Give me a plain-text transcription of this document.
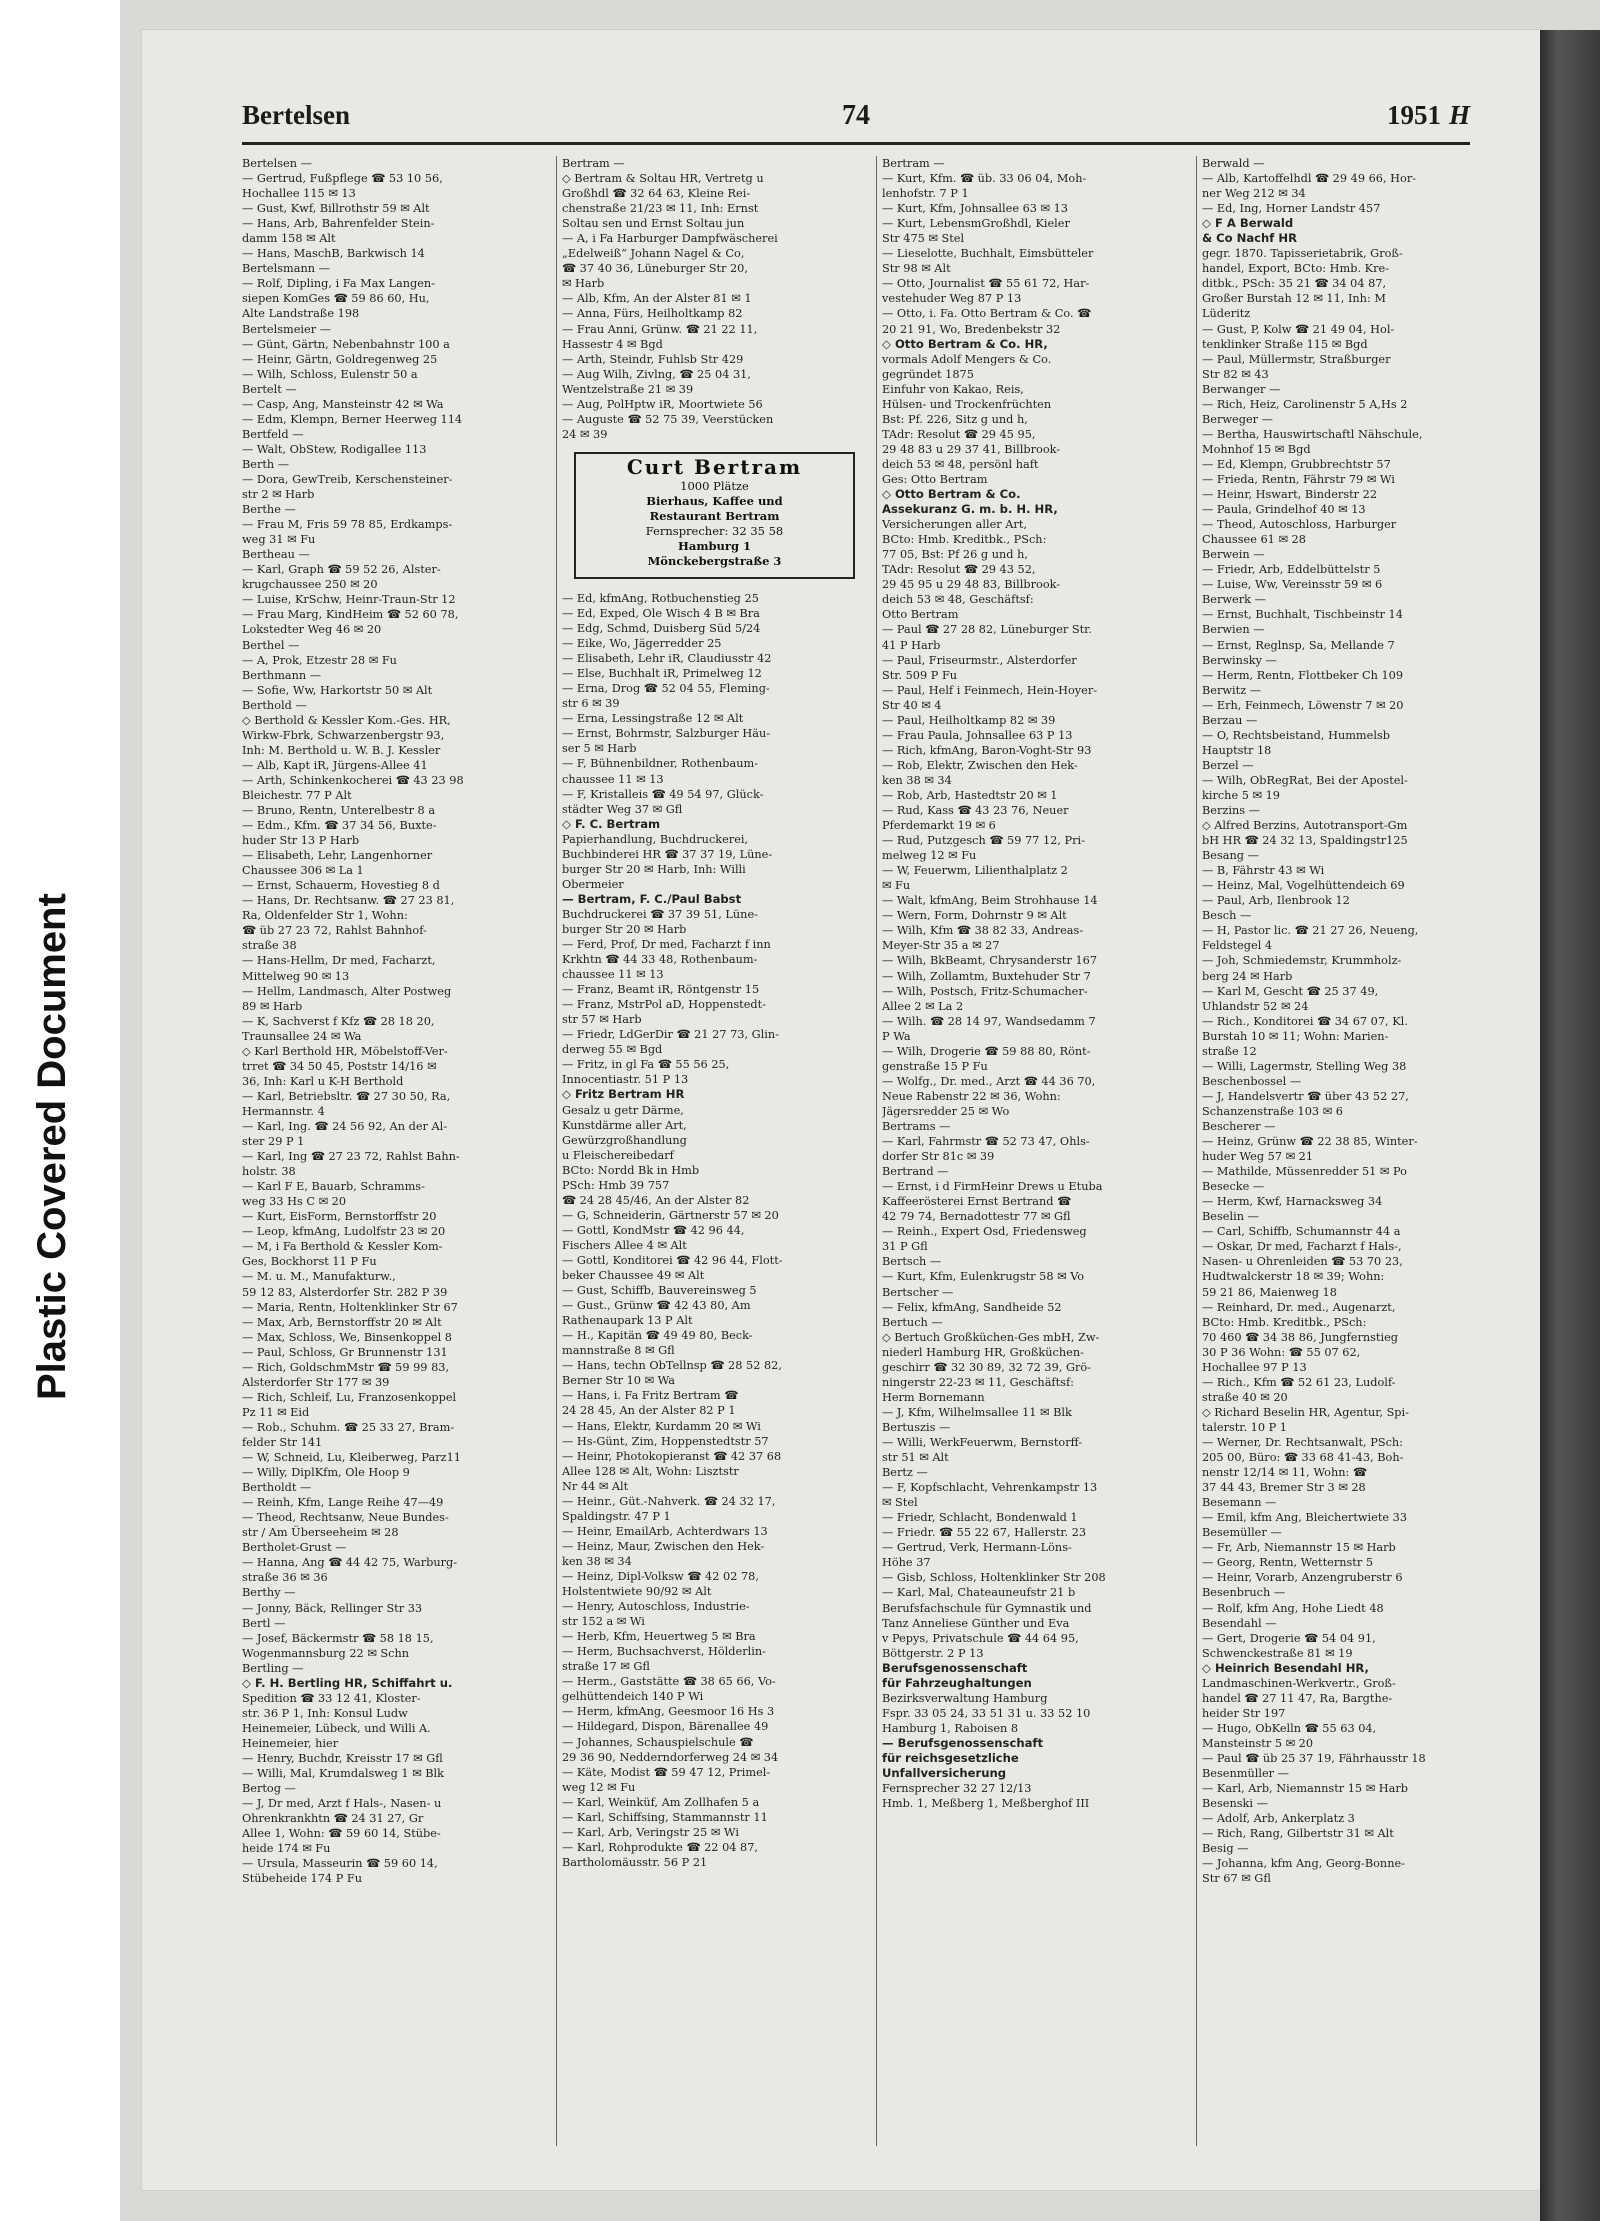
Plastic Covered Document
Bertelsen	74	1951 H
Bertelsen —
— Gertrud, Fußpflege ☎ 53 10 56,
Hochallee 115 ✉ 13
— Gust, Kwf, Billrothstr 59 ✉ Alt
— Hans, Arb, Bahrenfelder Stein-
damm 158 ✉ Alt
— Hans, MaschB, Barkwisch 14
Bertelsmann —
— Rolf, Dipling, i Fa Max Langen-
siepen KomGes ☎ 59 86 60, Hu,
Alte Landstraße 198
Bertelsmeier —
— Günt, Gärtn, Nebenbahnstr 100 a
— Heinr, Gärtn, Goldregenweg 25
— Wilh, Schloss, Eulenstr 50 a
Bertelt —
— Casp, Ang, Mansteinstr 42 ✉ Wa
— Edm, Klempn, Berner Heerweg 114
Bertfeld —
— Walt, ObStew, Rodigallee 113
Berth —
— Dora, GewTreib, Kerschensteiner-
str 2 ✉ Harb
Berthe —
— Frau M, Fris 59 78 85, Erdkamps-
weg 31 ✉ Fu
Bertheau —
— Karl, Graph ☎ 59 52 26, Alster-
krugchaussee 250 ✉ 20
— Luise, KrSchw, Heinr-Traun-Str 12
— Frau Marg, KindHeim ☎ 52 60 78,
Lokstedter Weg 46 ✉ 20
Berthel —
— A, Prok, Etzestr 28 ✉ Fu
Berthmann —
— Sofie, Ww, Harkortstr 50 ✉ Alt
Berthold —
◇ Berthold & Kessler Kom.-Ges. HR,
Wirkw-Fbrk, Schwarzenbergstr 93,
Inh: M. Berthold u. W. B. J. Kessler
— Alb, Kapt iR, Jürgens-Allee 41
— Arth, Schinkenkocherei ☎ 43 23 98
Bleichestr. 77 P Alt
— Bruno, Rentn, Unterelbestr 8 a
— Edm., Kfm. ☎ 37 34 56, Buxte-
huder Str 13 P Harb
— Elisabeth, Lehr, Langenhorner
Chaussee 306 ✉ La 1
— Ernst, Schauerm, Hovestieg 8 d
— Hans, Dr. Rechtsanw. ☎ 27 23 81,
Ra, Oldenfelder Str 1, Wohn:
☎ üb 27 23 72, Rahlst Bahnhof-
straße 38
— Hans-Hellm, Dr med, Facharzt,
Mittelweg 90 ✉ 13
— Hellm, Landmasch, Alter Postweg
89 ✉ Harb
— K, Sachverst f Kfz ☎ 28 18 20,
Traunsallee 24 ✉ Wa
◇ Karl Berthold HR, Möbelstoff-Ver-
trret ☎ 34 50 45, Poststr 14/16 ✉
36, Inh: Karl u K-H Berthold
— Karl, Betriebsltr. ☎ 27 30 50, Ra,
Hermannstr. 4
— Karl, Ing. ☎ 24 56 92, An der Al-
ster 29 P 1
— Karl, Ing ☎ 27 23 72, Rahlst Bahn-
holstr. 38
— Karl F E, Bauarb, Schramms-
weg 33 Hs C ✉ 20
— Kurt, EisForm, Bernstorffstr 20
— Leop, kfmAng, Ludolfstr 23 ✉ 20
— M, i Fa Berthold & Kessler Kom-
Ges, Bockhorst 11 P Fu
— M. u. M., Manufakturw.,
59 12 83, Alsterdorfer Str. 282 P 39
— Maria, Rentn, Holtenklinker Str 67
— Max, Arb, Bernstorffstr 20 ✉ Alt
— Max, Schloss, We, Binsenkoppel 8
— Paul, Schloss, Gr Brunnenstr 131
— Rich, GoldschmMstr ☎ 59 99 83,
Alsterdorfer Str 177 ✉ 39
— Rich, Schleif, Lu, Franzosenkoppel
Pz 11 ✉ Eid
— Rob., Schuhm. ☎ 25 33 27, Bram-
felder Str 141
— W, Schneid, Lu, Kleiberweg, Parz11
— Willy, DiplKfm, Ole Hoop 9
Bertholdt —
— Reinh, Kfm, Lange Reihe 47—49
— Theod, Rechtsanw, Neue Bundes-
str / Am Überseeheim ✉ 28
Bertholet-Grust —
— Hanna, Ang ☎ 44 42 75, Warburg-
straße 36 ✉ 36
Berthy —
— Jonny, Bäck, Rellinger Str 33
Bertl —
— Josef, Bäckermstr ☎ 58 18 15,
Wogenmannsburg 22 ✉ Schn
Bertling —
◇ F. H. Bertling HR, Schiffahrt u.
Spedition ☎ 33 12 41, Kloster-
str. 36 P 1, Inh: Konsul Ludw
Heinemeier, Lübeck, und Willi A.
Heinemeier, hier
— Henry, Buchdr, Kreisstr 17 ✉ Gfl
— Willi, Mal, Krumdalsweg 1 ✉ Blk
Bertog —
— J, Dr med, Arzt f Hals-, Nasen- u
Ohrenkrankhtn ☎ 24 31 27, Gr
Allee 1, Wohn: ☎ 59 60 14, Stübe-
heide 174 ✉ Fu
— Ursula, Masseurin ☎ 59 60 14,
Stübeheide 174 P Fu
Bertram —
◇ Bertram & Soltau HR, Vertretg u
Großhdl ☎ 32 64 63, Kleine Rei-
chenstraße 21/23 ✉ 11, Inh: Ernst
Soltau sen und Ernst Soltau jun
— A, i Fa Harburger Dampfwäscherei
„Edelweiß“ Johann Nagel & Co,
☎ 37 40 36, Lüneburger Str 20,
✉ Harb
— Alb, Kfm, An der Alster 81 ✉ 1
— Anna, Fürs, Heilholtkamp 82
— Frau Anni, Grünw. ☎ 21 22 11,
Hassestr 4 ✉ Bgd
— Arth, Steindr, Fuhlsb Str 429
— Aug Wilh, Zivlng, ☎ 25 04 31,
Wentzelstraße 21 ✉ 39
— Aug, PolHptw iR, Moortwiete 56
— Auguste ☎ 52 75 39, Veerstücken
24 ✉ 39
Curt Bertram
1000 Plätze
Bierhaus, Kaffee und
Restaurant Bertram
Fernsprecher: 32 35 58
Hamburg 1
Mönckebergstraße 3
— Ed, kfmAng, Rotbuchenstieg 25
— Ed, Exped, Ole Wisch 4 B ✉ Bra
— Edg, Schmd, Duisberg Süd 5/24
— Eike, Wo, Jägerredder 25
— Elisabeth, Lehr iR, Claudiusstr 42
— Else, Buchhalt iR, Primelweg 12
— Erna, Drog ☎ 52 04 55, Fleming-
str 6 ✉ 39
— Erna, Lessingstraße 12 ✉ Alt
— Ernst, Bohrmstr, Salzburger Häu-
ser 5 ✉ Harb
— F, Bühnenbildner, Rothenbaum-
chaussee 11 ✉ 13
— F, Kristalleis ☎ 49 54 97, Glück-
städter Weg 37 ✉ Gfl
◇ F. C. Bertram
Papierhandlung, Buchdruckerei,
Buchbinderei HR ☎ 37 37 19, Lüne-
burger Str 20 ✉ Harb, Inh: Willi
Obermeier
— Bertram, F. C./Paul Babst
Buchdruckerei ☎ 37 39 51, Lüne-
burger Str 20 ✉ Harb
— Ferd, Prof, Dr med, Facharzt f inn
Krkhtn ☎ 44 33 48, Rothenbaum-
chaussee 11 ✉ 13
— Franz, Beamt iR, Röntgenstr 15
— Franz, MstrPol aD, Hoppenstedt-
str 57 ✉ Harb
— Friedr, LdGerDir ☎ 21 27 73, Glin-
derweg 55 ✉ Bgd
— Fritz, in gl Fa ☎ 55 56 25,
Innocentiastr. 51 P 13
◇ Fritz Bertram HR
Gesalz u getr Därme,
Kunstdärme aller Art,
Gewürzgroßhandlung
u Fleischereibedarf
BCto: Nordd Bk in Hmb
PSch: Hmb 39 757
☎ 24 28 45/46, An der Alster 82
— G, Schneiderin, Gärtnerstr 57 ✉ 20
— Gottl, KondMstr ☎ 42 96 44,
Fischers Allee 4 ✉ Alt
— Gottl, Konditorei ☎ 42 96 44, Flott-
beker Chaussee 49 ✉ Alt
— Gust, Schiffb, Bauvereinsweg 5
— Gust., Grünw ☎ 42 43 80, Am
Rathenaupark 13 P Alt
— H., Kapitän ☎ 49 49 80, Beck-
mannstraße 8 ✉ Gfl
— Hans, techn ObTellnsp ☎ 28 52 82,
Berner Str 10 ✉ Wa
— Hans, i. Fa Fritz Bertram ☎
24 28 45, An der Alster 82 P 1
— Hans, Elektr, Kurdamm 20 ✉ Wi
— Hs-Günt, Zim, Hoppenstedtstr 57
— Heinr, Photokopieranst ☎ 42 37 68
Allee 128 ✉ Alt, Wohn: Lisztstr
Nr 44 ✉ Alt
— Heinr., Güt.-Nahverk. ☎ 24 32 17,
Spaldingstr. 47 P 1
— Heinr, EmailArb, Achterdwars 13
— Heinz, Maur, Zwischen den Hek-
ken 38 ✉ 34
— Heinz, Dipl-Volksw ☎ 42 02 78,
Holstentwiete 90/92 ✉ Alt
— Henry, Autoschloss, Industrie-
str 152 a ✉ Wi
— Herb, Kfm, Heuertweg 5 ✉ Bra
— Herm, Buchsachverst, Hölderlin-
straße 17 ✉ Gfl
— Herm., Gaststätte ☎ 38 65 66, Vo-
gelhüttendeich 140 P Wi
— Herm, kfmAng, Geesmoor 16 Hs 3
— Hildegard, Dispon, Bärenallee 49
— Johannes, Schauspielschule ☎
29 36 90, Nedderndorferweg 24 ✉ 34
— Käte, Modist ☎ 59 47 12, Primel-
weg 12 ✉ Fu
— Karl, Weinküf, Am Zollhafen 5 a
— Karl, Schiffsing, Stammannstr 11
— Karl, Arb, Veringstr 25 ✉ Wi
— Karl, Rohprodukte ☎ 22 04 87,
Bartholomäusstr. 56 P 21
Bertram —
— Kurt, Kfm. ☎ üb. 33 06 04, Moh-
lenhofstr. 7 P 1
— Kurt, Kfm, Johnsallee 63 ✉ 13
— Kurt, LebensmGroßhdl, Kieler
Str 475 ✉ Stel
— Lieselotte, Buchhalt, Eimsbütteler
Str 98 ✉ Alt
— Otto, Journalist ☎ 55 61 72, Har-
vestehuder Weg 87 P 13
— Otto, i. Fa. Otto Bertram & Co. ☎
20 21 91, Wo, Bredenbekstr 32
◇ Otto Bertram & Co. HR,
vormals Adolf Mengers & Co.
gegründet 1875
Einfuhr von Kakao, Reis,
Hülsen- und Trockenfrüchten
Bst: Pf. 226, Sitz g und h,
TAdr: Resolut ☎ 29 45 95,
29 48 83 u 29 37 41, Billbrook-
deich 53 ✉ 48, persönl haft
Ges: Otto Bertram
◇ Otto Bertram & Co.
Assekuranz G. m. b. H. HR,
Versicherungen aller Art,
BCto: Hmb. Kreditbk., PSch:
77 05, Bst: Pf 26 g und h,
TAdr: Resolut ☎ 29 43 52,
29 45 95 u 29 48 83, Billbrook-
deich 53 ✉ 48, Geschäftsf:
Otto Bertram
— Paul ☎ 27 28 82, Lüneburger Str.
41 P Harb
— Paul, Friseurmstr., Alsterdorfer
Str. 509 P Fu
— Paul, Helf i Feinmech, Hein-Hoyer-
Str 40 ✉ 4
— Paul, Heilholtkamp 82 ✉ 39
— Frau Paula, Johnsallee 63 P 13
— Rich, kfmAng, Baron-Voght-Str 93
— Rob, Elektr, Zwischen den Hek-
ken 38 ✉ 34
— Rob, Arb, Hastedtstr 20 ✉ 1
— Rud, Kass ☎ 43 23 76, Neuer
Pferdemarkt 19 ✉ 6
— Rud, Putzgesch ☎ 59 77 12, Pri-
melweg 12 ✉ Fu
— W, Feuerwm, Lilienthalplatz 2
✉ Fu
— Walt, kfmAng, Beim Strohhause 14
— Wern, Form, Dohrnstr 9 ✉ Alt
— Wilh, Kfm ☎ 38 82 33, Andreas-
Meyer-Str 35 a ✉ 27
— Wilh, BkBeamt, Chrysanderstr 167
— Wilh, Zollamtm, Buxtehuder Str 7
— Wilh, Postsch, Fritz-Schumacher-
Allee 2 ✉ La 2
— Wilh. ☎ 28 14 97, Wandsedamm 7
P Wa
— Wilh, Drogerie ☎ 59 88 80, Rönt-
genstraße 15 P Fu
— Wolfg., Dr. med., Arzt ☎ 44 36 70,
Neue Rabenstr 22 ✉ 36, Wohn:
Jägersredder 25 ✉ Wo
Bertrams —
— Karl, Fahrmstr ☎ 52 73 47, Ohls-
dorfer Str 81c ✉ 39
Bertrand —
— Ernst, i d FirmHeinr Drews u Etuba
Kaffeerösterei Ernst Bertrand ☎
42 79 74, Bernadottestr 77 ✉ Gfl
— Reinh., Expert Osd, Friedensweg
31 P Gfl
Bertsch —
— Kurt, Kfm, Eulenkrugstr 58 ✉ Vo
Bertscher —
— Felix, kfmAng, Sandheide 52
Bertuch —
◇ Bertuch Großküchen-Ges mbH, Zw-
niederl Hamburg HR, Großküchen-
geschirr ☎ 32 30 89, 32 72 39, Grö-
ningerstr 22-23 ✉ 11, Geschäftsf:
Herm Bornemann
— J, Kfm, Wilhelmsallee 11 ✉ Blk
Bertuszis —
— Willi, WerkFeuerwm, Bernstorff-
str 51 ✉ Alt
Bertz —
— F, Kopfschlacht, Vehrenkampstr 13
✉ Stel
— Friedr, Schlacht, Bondenwald 1
— Friedr. ☎ 55 22 67, Hallerstr. 23
— Gertrud, Verk, Hermann-Löns-
Höhe 37
— Gisb, Schloss, Holtenklinker Str 208
— Karl, Mal, Chateauneufstr 21 b
Berufsfachschule für Gymnastik und
Tanz Anneliese Günther und Eva
v Pepys, Privatschule ☎ 44 64 95,
Böttgerstr. 2 P 13
Berufsgenossenschaft
für Fahrzeughaltungen
Bezirksverwaltung Hamburg
Fspr. 33 05 24, 33 51 31 u. 33 52 10
Hamburg 1, Raboisen 8
— Berufsgenossenschaft
für reichsgesetzliche
Unfallversicherung
Fernsprecher 32 27 12/13
Hmb. 1, Meßberg 1, Meßberghof III
Berwald —
— Alb, Kartoffelhdl ☎ 29 49 66, Hor-
ner Weg 212 ✉ 34
— Ed, Ing, Horner Landstr 457
◇ F A Berwald
& Co Nachf HR
gegr. 1870. Tapisserietabrik, Groß-
handel, Export, BCto: Hmb. Kre-
ditbk., PSch: 35 21 ☎ 34 04 87,
Großer Burstah 12 ✉ 11, Inh: M
Lüderitz
— Gust, P, Kolw ☎ 21 49 04, Hol-
tenklinker Straße 115 ✉ Bgd
— Paul, Müllermstr, Straßburger
Str 82 ✉ 43
Berwanger —
— Rich, Heiz, Carolinenstr 5 A,Hs 2
Berweger —
— Bertha, Hauswirtschaftl Nähschule,
Mohnhof 15 ✉ Bgd
— Ed, Klempn, Grubbrechtstr 57
— Frieda, Rentn, Fährstr 79 ✉ Wi
— Heinr, Hswart, Binderstr 22
— Paula, Grindelhof 40 ✉ 13
— Theod, Autoschloss, Harburger
Chaussee 61 ✉ 28
Berwein —
— Friedr, Arb, Eddelbüttelstr 5
— Luise, Ww, Vereinsstr 59 ✉ 6
Berwerk —
— Ernst, Buchhalt, Tischbeinstr 14
Berwien —
— Ernst, Reglnsp, Sa, Mellande 7
Berwinsky —
— Herm, Rentn, Flottbeker Ch 109
Berwitz —
— Erh, Feinmech, Löwenstr 7 ✉ 20
Berzau —
— O, Rechtsbeistand, Hummelsb
Hauptstr 18
Berzel —
— Wilh, ObRegRat, Bei der Apostel-
kirche 5 ✉ 19
Berzins —
◇ Alfred Berzins, Autotransport-Gm
bH HR ☎ 24 32 13, Spaldingstr125
Besang —
— B, Fährstr 43 ✉ Wi
— Heinz, Mal, Vogelhüttendeich 69
— Paul, Arb, Ilenbrook 12
Besch —
— H, Pastor lic. ☎ 21 27 26, Neueng,
Feldstegel 4
— Joh, Schmiedemstr, Krummholz-
berg 24 ✉ Harb
— Karl M, Gescht ☎ 25 37 49,
Uhlandstr 52 ✉ 24
— Rich., Konditorei ☎ 34 67 07, Kl.
Burstah 10 ✉ 11; Wohn: Marien-
straße 12
— Willi, Lagermstr, Stelling Weg 38
Beschenbossel —
— J, Handelsvertr ☎ über 43 52 27,
Schanzenstraße 103 ✉ 6
Bescherer —
— Heinz, Grünw ☎ 22 38 85, Winter-
huder Weg 57 ✉ 21
— Mathilde, Müssenredder 51 ✉ Po
Besecke —
— Herm, Kwf, Harnacksweg 34
Beselin —
— Carl, Schiffb, Schumannstr 44 a
— Oskar, Dr med, Facharzt f Hals-,
Nasen- u Ohrenleiden ☎ 53 70 23,
Hudtwalckerstr 18 ✉ 39; Wohn:
59 21 86, Maienweg 18
— Reinhard, Dr. med., Augenarzt,
BCto: Hmb. Kreditbk., PSch:
70 460 ☎ 34 38 86, Jungfernstieg
30 P 36 Wohn: ☎ 55 07 62,
Hochallee 97 P 13
— Rich., Kfm ☎ 52 61 23, Ludolf-
straße 40 ✉ 20
◇ Richard Beselin HR, Agentur, Spi-
talerstr. 10 P 1
— Werner, Dr. Rechtsanwalt, PSch:
205 00, Büro: ☎ 33 68 41-43, Boh-
nenstr 12/14 ✉ 11, Wohn: ☎
37 44 43, Bremer Str 3 ✉ 28
Besemann —
— Emil, kfm Ang, Bleichertwiete 33
Besemüller —
— Fr, Arb, Niemannstr 15 ✉ Harb
— Georg, Rentn, Wetternstr 5
— Heinr, Vorarb, Anzengruberstr 6
Besenbruch —
— Rolf, kfm Ang, Hohe Liedt 48
Besendahl —
— Gert, Drogerie ☎ 54 04 91,
Schwenckestraße 81 ✉ 19
◇ Heinrich Besendahl HR,
Landmaschinen-Werkvertr., Groß-
handel ☎ 27 11 47, Ra, Bargthe-
heider Str 197
— Hugo, ObKelln ☎ 55 63 04,
Mansteinstr 5 ✉ 20
— Paul ☎ üb 25 37 19, Fährhausstr 18
Besenmüller —
— Karl, Arb, Niemannstr 15 ✉ Harb
Besenski —
— Adolf, Arb, Ankerplatz 3
— Rich, Rang, Gilbertstr 31 ✉ Alt
Besig —
— Johanna, kfm Ang, Georg-Bonne-
Str 67 ✉ Gfl
